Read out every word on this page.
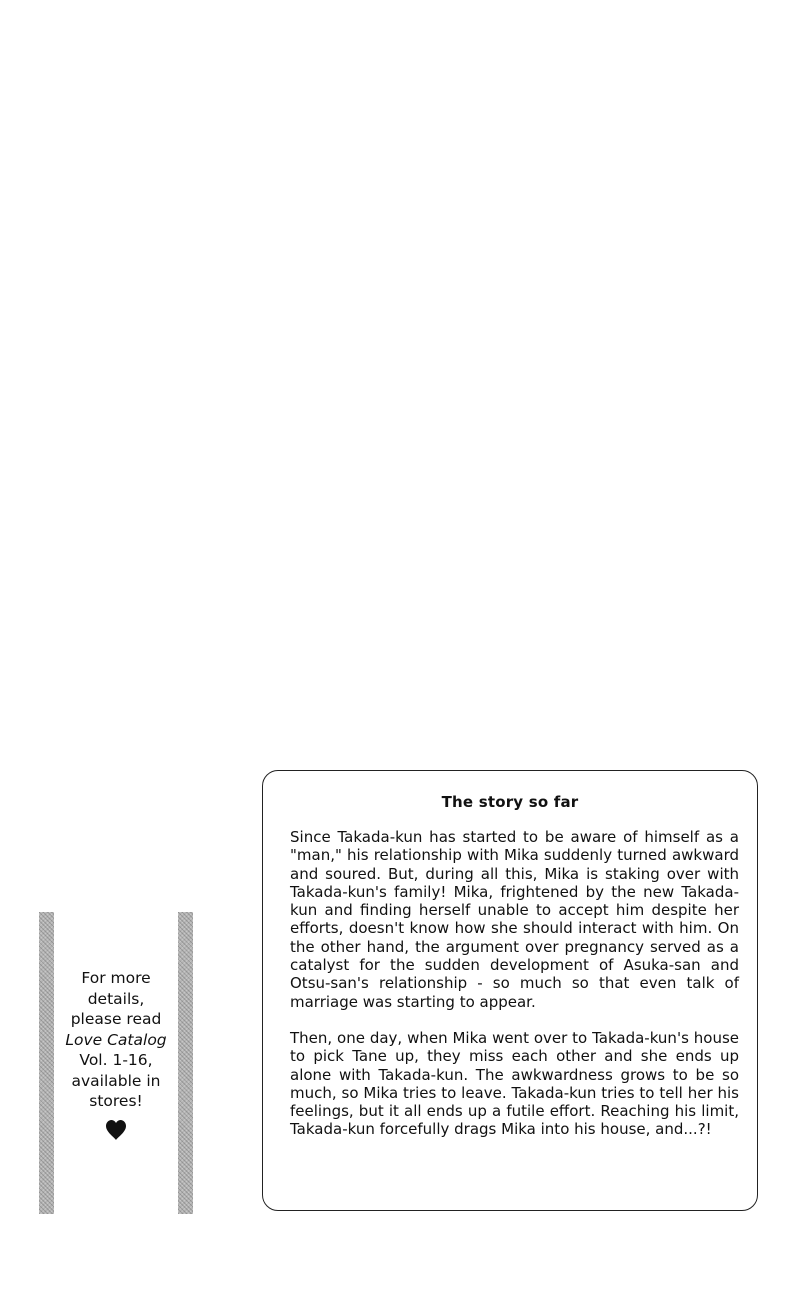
For more
details,
please read
Love Catalog
Vol. 1-16,
available in
stores!
The story so far

Since Takada-kun has started to be aware of himself as a "man," his relationship with Mika suddenly turned awkward and soured. But, during all this, Mika is staking over with Takada-kun's family! Mika, frightened by the new Takada-kun and finding herself unable to accept him despite her efforts, doesn't know how she should interact with him. On the other hand, the argument over pregnancy served as a catalyst for the sudden development of Asuka-san and Otsu-san's relationship - so much so that even talk of marriage was starting to appear.

Then, one day, when Mika went over to Takada-kun's house to pick Tane up, they miss each other and she ends up alone with Takada-kun. The awkwardness grows to be so much, so Mika tries to leave. Takada-kun tries to tell her his feelings, but it all ends up a futile effort. Reaching his limit, Takada-kun forcefully drags Mika into his house, and...?!
